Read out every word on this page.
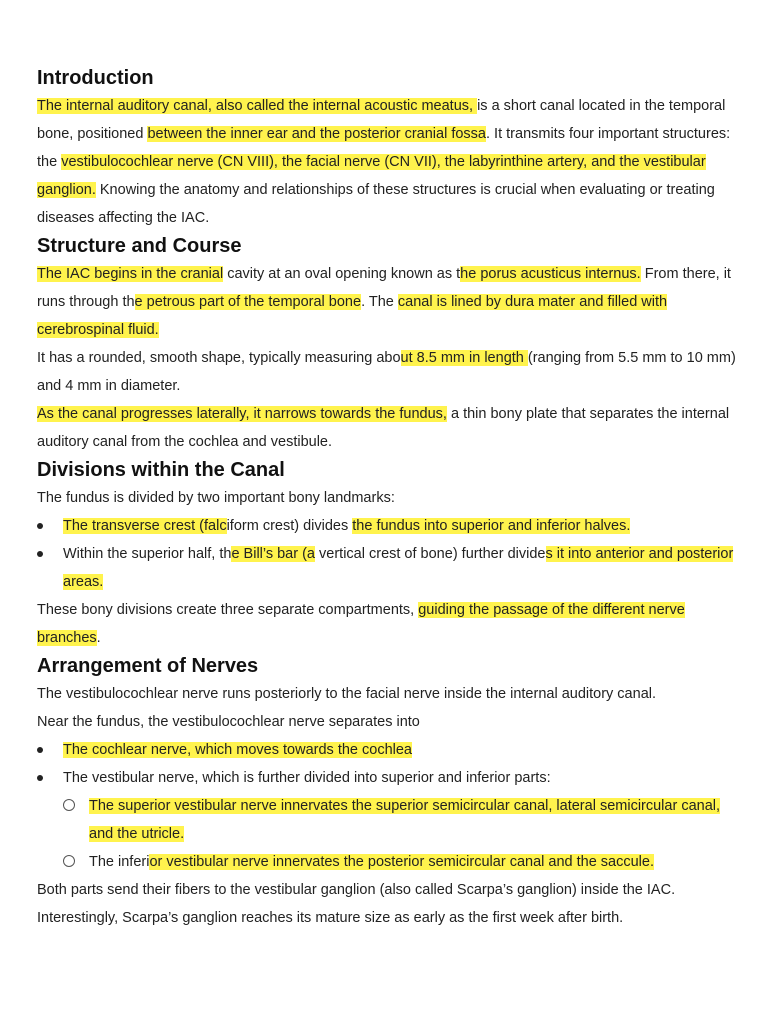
Introduction

The internal auditory canal, also called the internal acoustic meatus, is a short canal located in the temporal bone, positioned between the inner ear and the posterior cranial fossa. It transmits four important structures: the vestibulocochlear nerve (CN VIII), the facial nerve (CN VII), the labyrinthine artery, and the vestibular ganglion. Knowing the anatomy and relationships of these structures is crucial when evaluating or treating diseases affecting the IAC.

Structure and Course

The IAC begins in the cranial cavity at an oval opening known as the porus acusticus internus. From there, it runs through the petrous part of the temporal bone. The canal is lined by dura mater and filled with cerebrospinal fluid.

It has a rounded, smooth shape, typically measuring about 8.5 mm in length (ranging from 5.5 mm to 10 mm) and 4 mm in diameter.

As the canal progresses laterally, it narrows towards the fundus, a thin bony plate that separates the internal auditory canal from the cochlea and vestibule.

Divisions within the Canal

The fundus is divided by two important bony landmarks:

The transverse crest (falciform crest) divides the fundus into superior and inferior halves.
Within the superior half, the Bill’s bar (a vertical crest of bone) further divides it into anterior and posterior areas.

These bony divisions create three separate compartments, guiding the passage of the different nerve branches.

Arrangement of Nerves

The vestibulocochlear nerve runs posteriorly to the facial nerve inside the internal auditory canal.

Near the fundus, the vestibulocochlear nerve separates into

The cochlear nerve, which moves towards the cochlea
The vestibular nerve, which is further divided into superior and inferior parts:
The superior vestibular nerve innervates the superior semicircular canal, lateral semicircular canal, and the utricle.
The inferior vestibular nerve innervates the posterior semicircular canal and the saccule.

Both parts send their fibers to the vestibular ganglion (also called Scarpa’s ganglion) inside the IAC.

Interestingly, Scarpa’s ganglion reaches its mature size as early as the first week after birth.
